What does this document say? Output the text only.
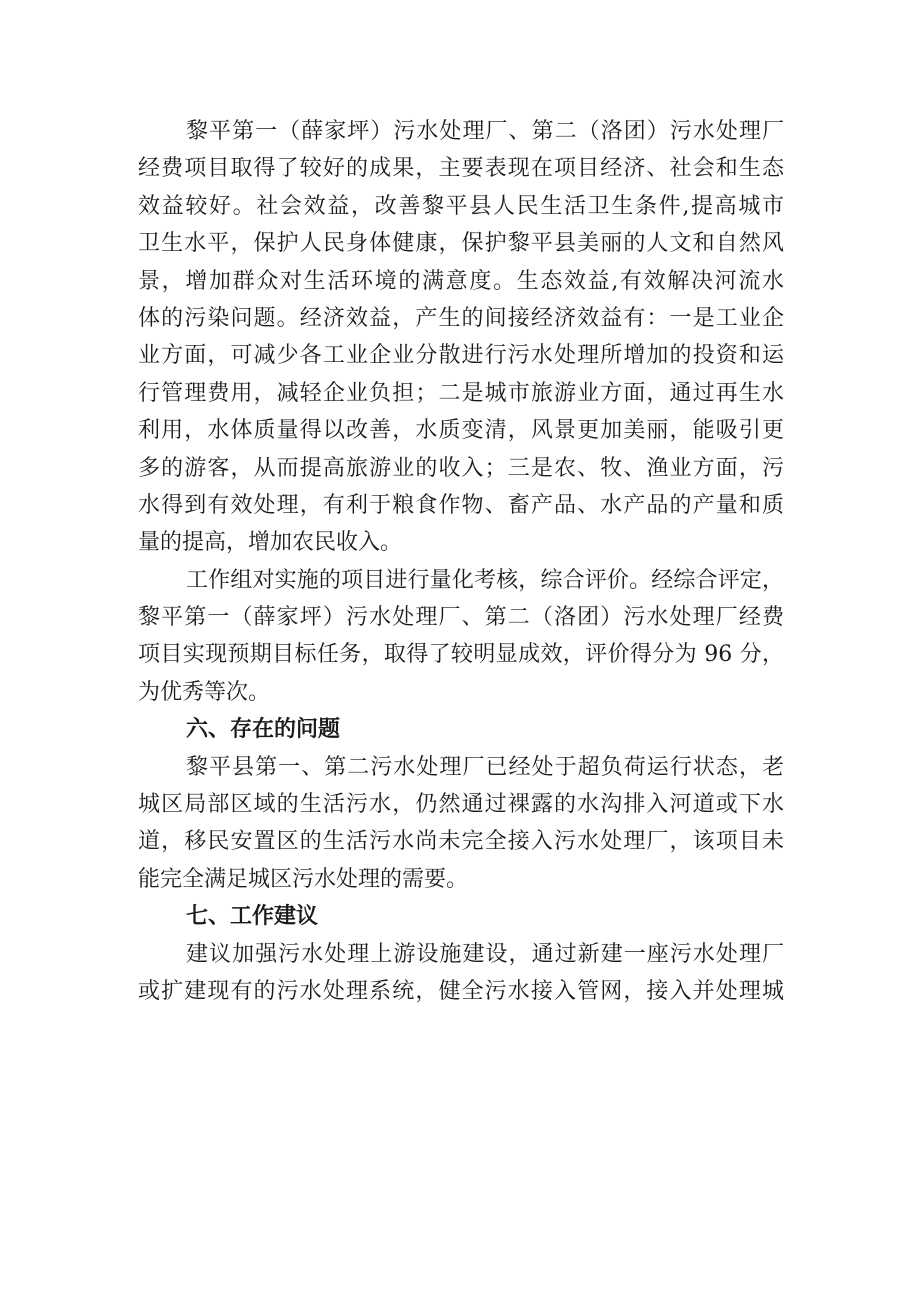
黎平第一（薛家坪）污水处理厂、第二（洛团）污水处理厂
经费项目取得了较好的成果，主要表现在项目经济、社会和生态
效益较好。社会效益，改善黎平县人民生活卫生条件,提高城市
卫生水平，保护人民身体健康，保护黎平县美丽的人文和自然风
景，增加群众对生活环境的满意度。生态效益,有效解决河流水
体的污染问题。经济效益，产生的间接经济效益有：一是工业企
业方面，可减少各工业企业分散进行污水处理所增加的投资和运
行管理费用，减轻企业负担；二是城市旅游业方面，通过再生水
利用，水体质量得以改善，水质变清，风景更加美丽，能吸引更
多的游客，从而提高旅游业的收入；三是农、牧、渔业方面，污
水得到有效处理，有利于粮食作物、畜产品、水产品的产量和质
量的提高，增加农民收入。
工作组对实施的项目进行量化考核，综合评价。经综合评定，
黎平第一（薛家坪）污水处理厂、第二（洛团）污水处理厂经费
项目实现预期目标任务，取得了较明显成效，评价得分为 96 分，
为优秀等次。
六、存在的问题
黎平县第一、第二污水处理厂已经处于超负荷运行状态，老
城区局部区域的生活污水，仍然通过裸露的水沟排入河道或下水
道，移民安置区的生活污水尚未完全接入污水处理厂，该项目未
能完全满足城区污水处理的需要。
七、工作建议
建议加强污水处理上游设施建设，通过新建一座污水处理厂
或扩建现有的污水处理系统，健全污水接入管网，接入并处理城
